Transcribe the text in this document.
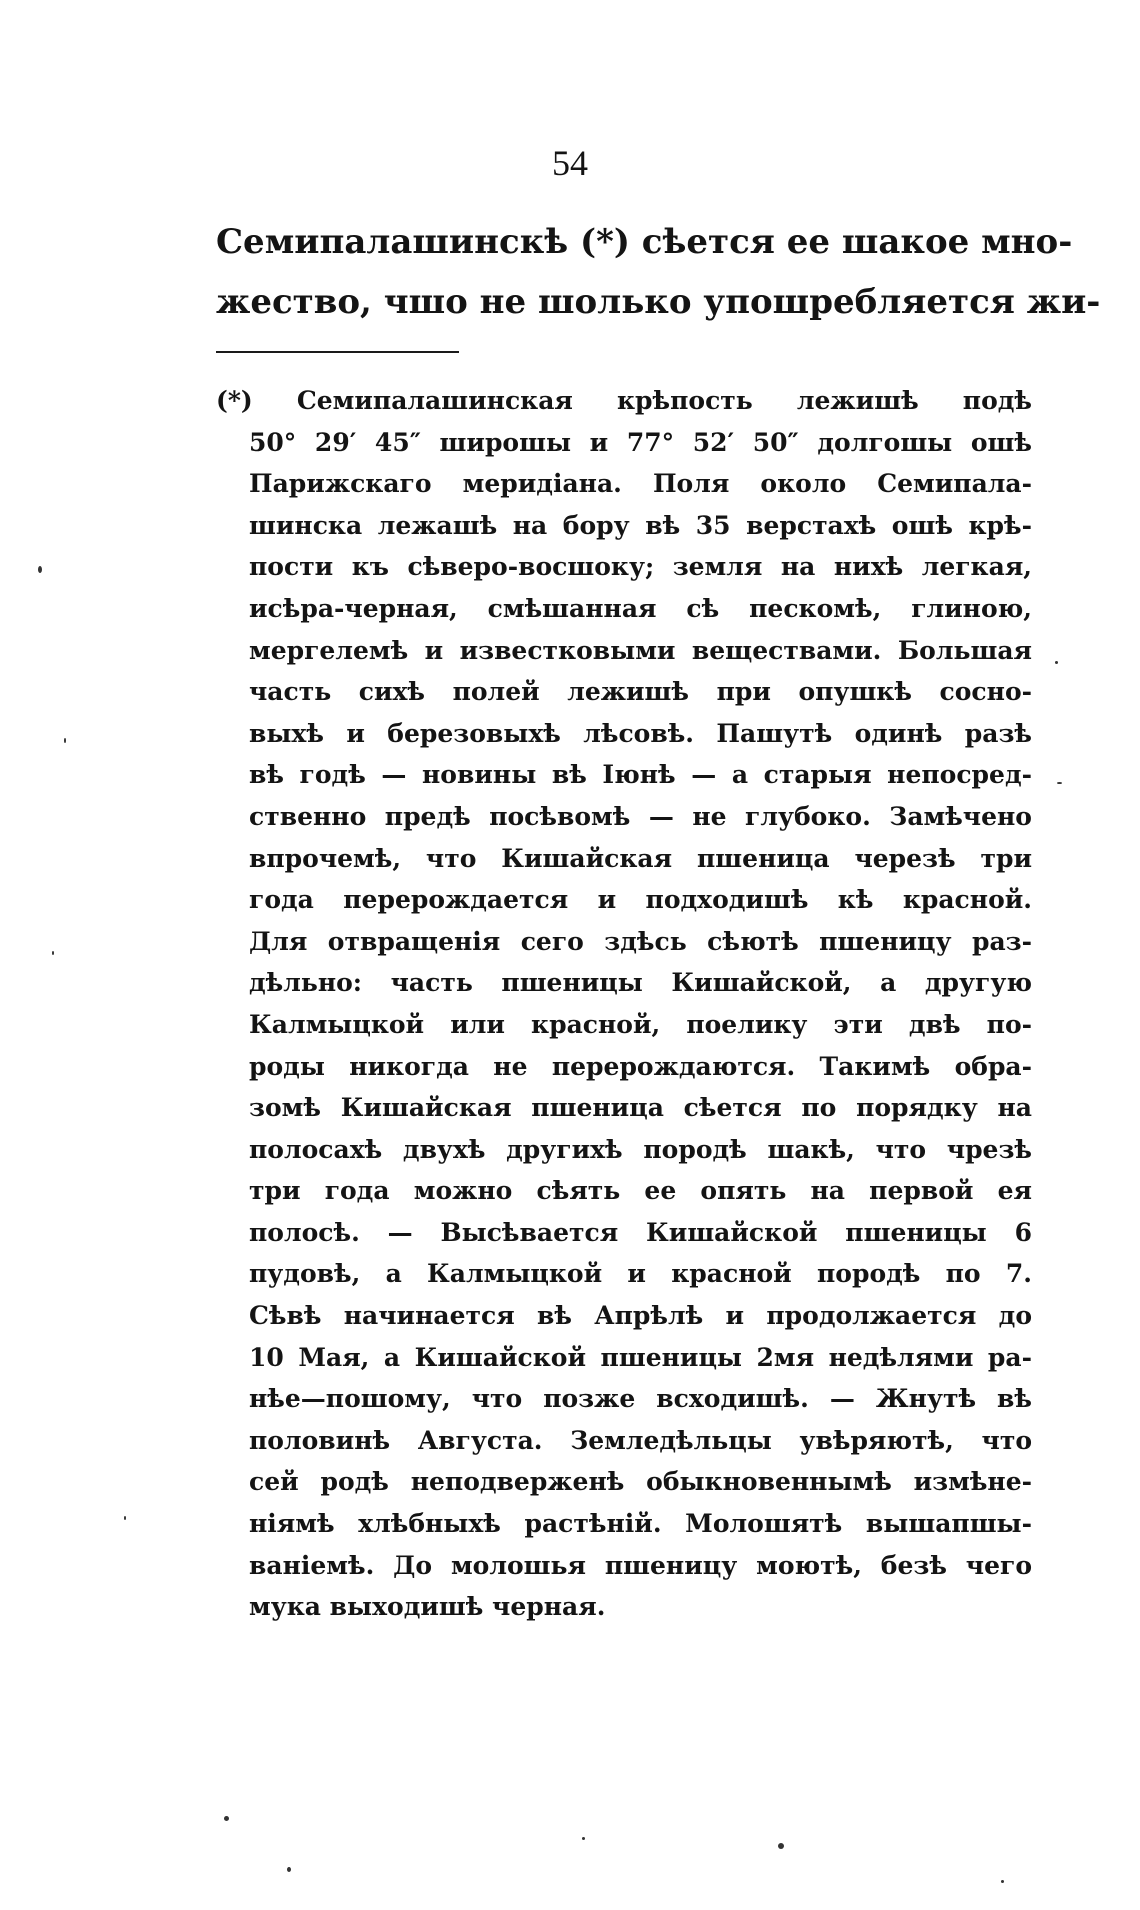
54
Семипалашинскѣ (*) сѣется ее шакое мно-
жество, чшо не шолько упошребляется жи-
(*) Семипалашинская крѣпость лежишѣ подѣ
50° 29′ 45″ широшы и 77° 52′ 50″ долгошы ошѣ
Парижскаго меридіана. Поля около Семипала-
шинска лежашѣ на бору вѣ 35 верстахѣ ошѣ крѣ-
пости къ сѣверо-восшоку; земля на нихѣ легкая,
исѣра-черная, смѣшанная сѣ пескомѣ, глиною,
мергелемѣ и известковыми веществами. Большая
часть сихѣ полей лежишѣ при опушкѣ сосно-
выхѣ и березовыхѣ лѣсовѣ. Пашутѣ одинѣ разѣ
вѣ годѣ — новины вѣ Іюнѣ — а старыя непосред-
ственно предѣ посѣвомѣ — не глубоко. Замѣчено
впрочемѣ, что Кишайская пшеница черезѣ три
года перерождается и подходишѣ кѣ красной.
Для отвращенія сего здѣсь сѣютѣ пшеницу раз-
дѣльно: часть пшеницы Кишайской, а другую
Калмыцкой или красной, поелику эти двѣ по-
роды никогда не перерождаются. Такимѣ обра-
зомѣ Кишайская пшеница сѣется по порядку на
полосахѣ двухѣ другихѣ породѣ шакѣ, что чрезѣ
три года можно сѣять ее опять на первой ея
полосѣ. — Высѣвается Кишайской пшеницы 6
пудовѣ, а Калмыцкой и красной породѣ по 7.
Сѣвѣ начинается вѣ Апрѣлѣ и продолжается до
10 Мая, а Кишайской пшеницы 2мя недѣлями ра-
нѣе—пошому, что позже всходишѣ. — Жнутѣ вѣ
половинѣ Августа. Земледѣльцы увѣряютѣ, что
сей родѣ неподверженѣ обыкновеннымѣ измѣне-
ніямѣ хлѣбныхѣ растѣній. Молошятѣ вышапшы-
ваніемѣ. До молошья пшеницу моютѣ, безѣ чего
мука выходишѣ черная.
